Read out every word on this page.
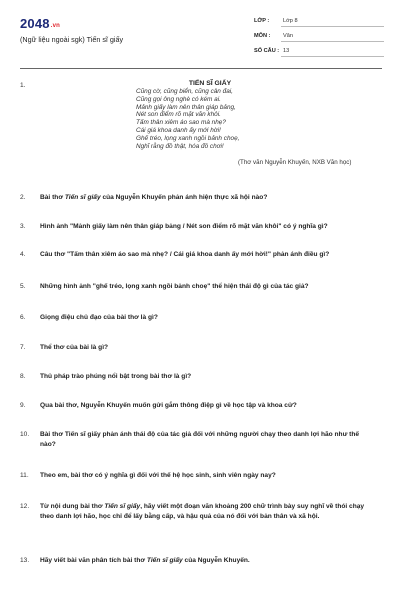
2048.vn
(Ngữ liệu ngoài sgk) Tiến sĩ giấy
LỚP : Lớp 8
MÔN : Văn
SỐ CÂU : 13
1.	TIẾN SĨ GIẤY
Cũng cờ, cũng biển, cũng cân đai,
Cũng gọi ông nghè có kém ai.
Mảnh giấy làm nên thân giáp bảng,
Nét son điểm rõ mặt văn khôi.
Tấm thân xiêm áo sao mà nhẹ?
Cái giá khoa danh ấy mới hời!
Ghế tréo, lọng xanh ngồi bảnh choẹ,
Nghĩ rằng đồ thật, hóa đồ chơi!
(Thơ văn Nguyễn Khuyến, NXB Văn học)
2.	Bài thơ Tiến sĩ giấy của Nguyễn Khuyến phản ánh hiện thực xã hội nào?
3.	Hình ảnh "Mảnh giấy làm nên thân giáp bảng / Nét son điểm rõ mặt văn khôi" có ý nghĩa gì?
4.	Câu thơ "Tấm thân xiêm áo sao mà nhẹ? / Cái giá khoa danh ấy mới hời!" phản ánh điều gì?
5.	Những hình ảnh "ghế tréo, lọng xanh ngồi bảnh choẹ" thể hiện thái độ gì của tác giả?
6.	Giọng điệu chủ đạo của bài thơ là gì?
7.	Thể thơ của bài là gì?
8.	Thủ pháp trào phúng nổi bật trong bài thơ là gì?
9.	Qua bài thơ, Nguyễn Khuyến muốn gửi gắm thông điệp gì về học tập và khoa cử?
10.	Bài thơ Tiến sĩ giấy phản ánh thái độ của tác giả đối với những người chạy theo danh lợi hão như thế nào?
11.	Theo em, bài thơ có ý nghĩa gì đối với thế hệ học sinh, sinh viên ngày nay?
12.	Từ nội dung bài thơ Tiến sĩ giấy, hãy viết một đoạn văn khoảng 200 chữ trình bày suy nghĩ về thói chạy theo danh lợi hão, học chỉ để lấy bằng cấp, và hậu quả của nó đối với bản thân và xã hội.
13.	Hãy viết bài văn phân tích bài thơ Tiến sĩ giấy của Nguyễn Khuyến.
